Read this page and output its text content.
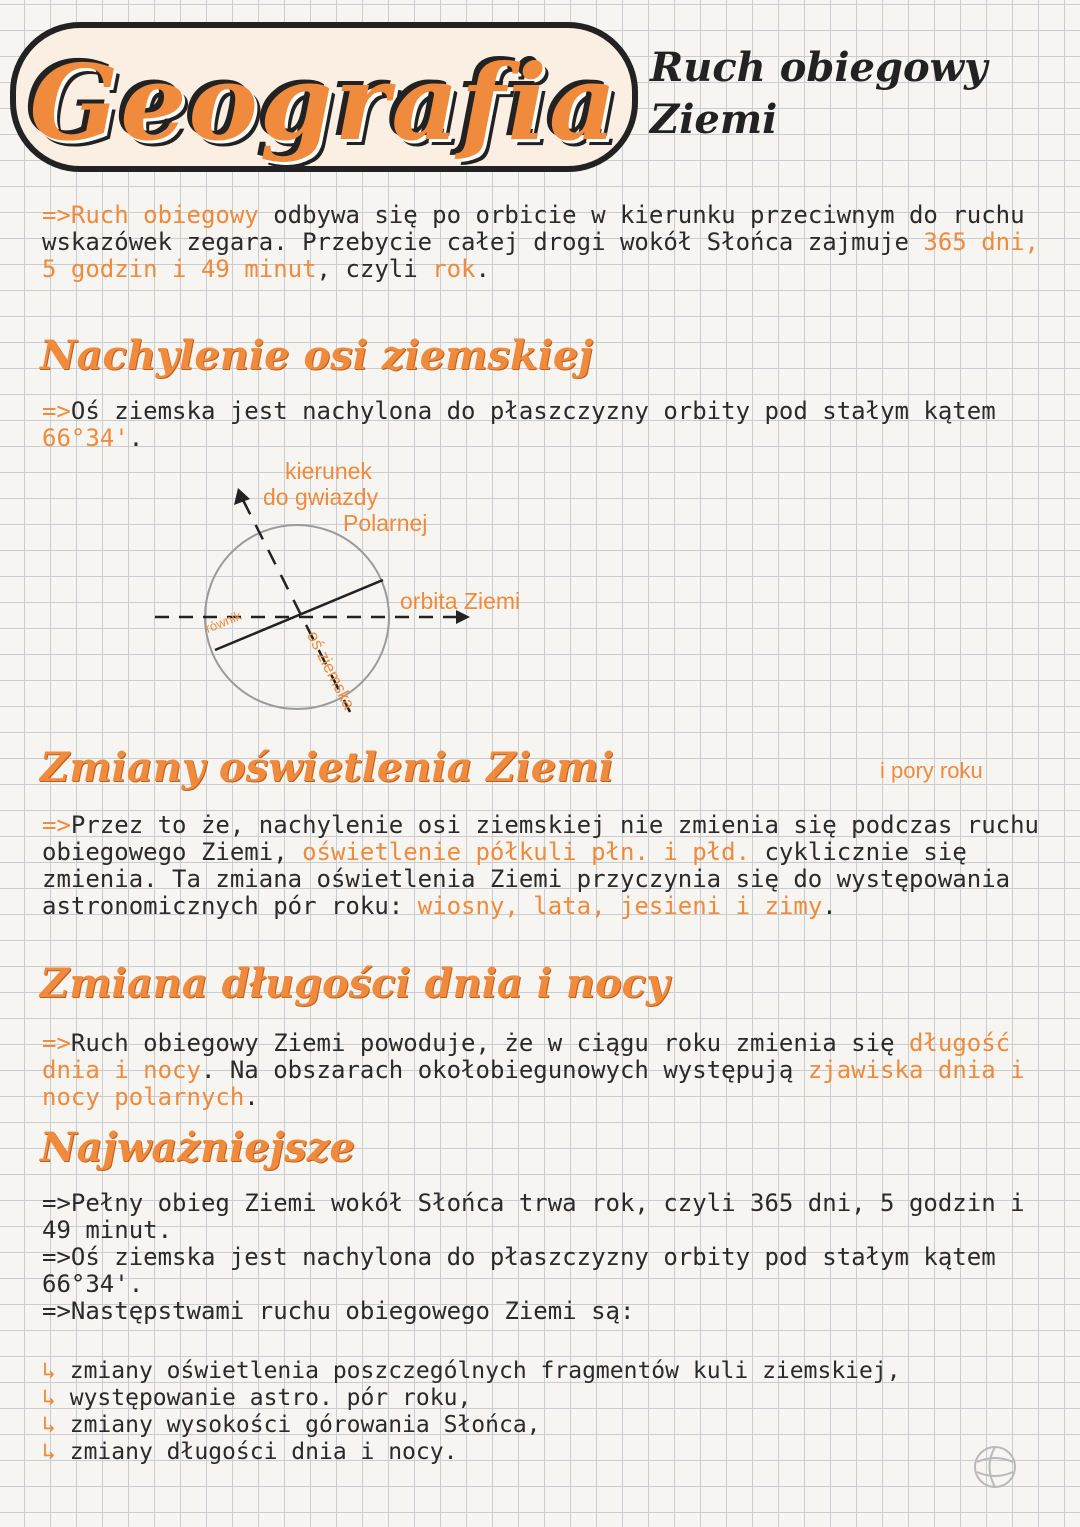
Geografia Ruch obiegowy
Ziemi
=>Ruch obiegowy odbywa się po orbicie w kierunku przeciwnym do ruchu wskazówek zegara. Przebycie całej drogi wokół Słońca zajmuje 365 dni, 5 godzin i 49 minut, czyli rok.
Nachylenie osi ziemskiej
=>Oś ziemska jest nachylona do płaszczyzny orbity pod stałym kątem 66°34'.
kierunek
do gwiazdy
Polarnej
orbita Ziemi
równik
oś ziemska
Zmiany oświetlenia Ziemi	i pory roku
=>Przez to że, nachylenie osi ziemskiej nie zmienia się podczas ruchu obiegowego Ziemi, oświetlenie półkuli płn. i płd. cyklicznie się zmienia. Ta zmiana oświetlenia Ziemi przyczynia się do występowania astronomicznych pór roku: wiosny, lata, jesieni i zimy.
Zmiana długości dnia i nocy
=>Ruch obiegowy Ziemi powoduje, że w ciągu roku zmienia się długość dnia i nocy. Na obszarach okołobiegunowych występują zjawiska dnia i nocy polarnych.
Najważniejsze

=>Pełny obieg Ziemi wokół Słońca trwa rok, czyli 365 dni, 5 godzin i 49 minut.

=>Oś ziemska jest nachylona do płaszczyzny orbity pod stałym kątem 66°34'.

=>Następstwami ruchu obiegowego Ziemi są:

↳ zmiany oświetlenia poszczególnych fragmentów kuli ziemskiej,
↳ występowanie astro. pór roku,
↳ zmiany wysokości górowania Słońca,
↳ zmiany długości dnia i nocy.
